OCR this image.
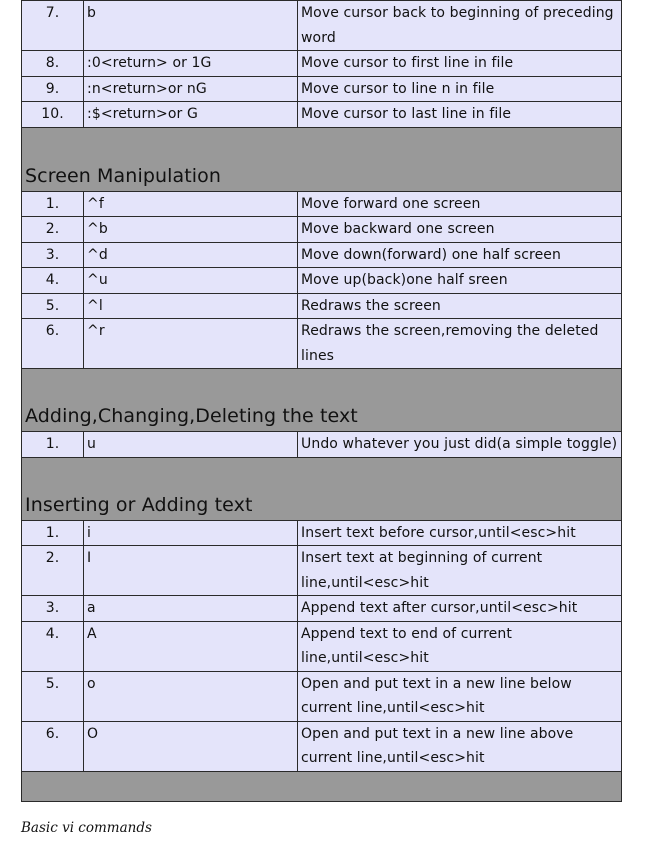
7.	b	Move cursor back to beginning of preceding word
8.	:0<return> or 1G	Move cursor to first line in file
9.	:n<return>or nG	Move cursor to line n in file
10.	:$<return>or G	Move cursor to last line in file
Screen Manipulation		
1.	^f	Move forward one screen
2.	^b	Move backward one screen
3.	^d	Move down(forward) one half screen
4.	^u	Move up(back)one half sreen
5.	^l	Redraws the screen
6.	^r	Redraws the screen,removing the deleted lines
Adding,Changing,Deleting the text		
1.	u	Undo whatever you just did(a simple toggle)
Inserting or Adding text		
1.	i	Insert text before cursor,until<esc>hit
2.	I	Insert text at beginning of current line,until<esc>hit
3.	a	Append text after cursor,until<esc>hit
4.	A	Append text to end of current line,until<esc>hit
5.	o	Open and put text in a new line below current line,until<esc>hit
6.	O	Open and put text in a new line above current line,until<esc>hit

Basic vi commands
